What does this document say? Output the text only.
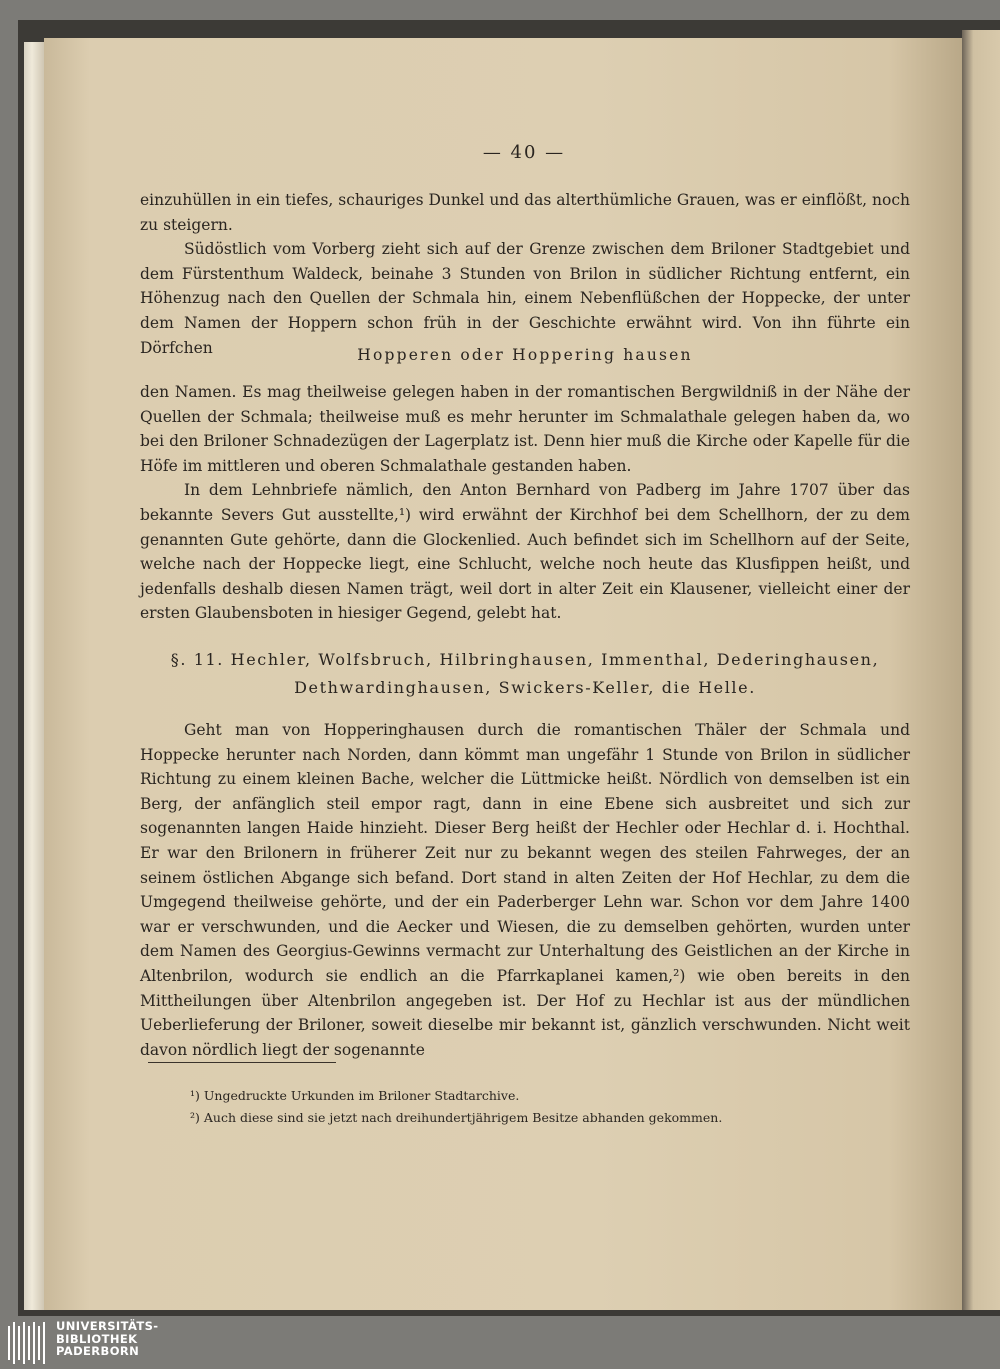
— 40 —

einzuhüllen in ein tiefes, schauriges Dunkel und das alterthümliche Grauen, was er einflößt, noch zu steigern.

Südöstlich vom Vorberg zieht sich auf der Grenze zwischen dem Briloner Stadtgebiet und dem Fürstenthum Waldeck, beinahe 3 Stunden von Brilon in südlicher Richtung entfernt, ein Höhenzug nach den Quellen der Schmala hin, einem Nebenflüßchen der Hoppecke, der unter dem Namen der Hoppern schon früh in der Geschichte erwähnt wird. Von ihn führte ein Dörfchen	Hopperen oder Hoppering hausen

den Namen. Es mag theilweise gelegen haben in der romantischen Bergwildniß in der Nähe der Quellen der Schmala; theilweise muß es mehr herunter im Schmalathale gelegen haben da, wo bei den Briloner Schnadezügen der Lagerplatz ist. Denn hier muß die Kirche oder Kapelle für die Höfe im mittleren und oberen Schmalathale gestanden haben.

In dem Lehnbriefe nämlich, den Anton Bernhard von Padberg im Jahre 1707 über das bekannte Severs Gut ausstellte,¹) wird erwähnt der Kirchhof bei dem Schellhorn, der zu dem genannten Gute gehörte, dann die Glockenlied. Auch befindet sich im Schellhorn auf der Seite, welche nach der Hoppecke liegt, eine Schlucht, welche noch heute das Klusfippen heißt, und jedenfalls deshalb diesen Namen trägt, weil dort in alter Zeit ein Klausener, vielleicht einer der ersten Glaubensboten in hiesiger Gegend, gelebt hat.

§. 11. Hechler, Wolfsbruch, Hilbringhausen, Immenthal, Dederinghausen,
Dethwardinghausen, Swickers-Keller, die Helle.

Geht man von Hopperinghausen durch die romantischen Thäler der Schmala und Hoppecke herunter nach Norden, dann kömmt man ungefähr 1 Stunde von Brilon in südlicher Richtung zu einem kleinen Bache, welcher die Lüttmicke heißt. Nördlich von demselben ist ein Berg, der anfänglich steil empor ragt, dann in eine Ebene sich ausbreitet und sich zur sogenannten langen Haide hinzieht. Dieser Berg heißt der Hechler oder Hechlar d. i. Hochthal. Er war den Brilonern in früherer Zeit nur zu bekannt wegen des steilen Fahrweges, der an seinem östlichen Abgange sich befand. Dort stand in alten Zeiten der Hof Hechlar, zu dem die Umgegend theilweise gehörte, und der ein Paderberger Lehn war. Schon vor dem Jahre 1400 war er verschwunden, und die Aecker und Wiesen, die zu demselben gehörten, wurden unter dem Namen des Georgius-Gewinns vermacht zur Unterhaltung des Geistlichen an der Kirche in Altenbrilon, wodurch sie endlich an die Pfarrkaplanei kamen,²) wie oben bereits in den Mittheilungen über Altenbrilon angegeben ist. Der Hof zu Hechlar ist aus der mündlichen Ueberlieferung der Briloner, soweit dieselbe mir bekannt ist, gänzlich verschwunden. Nicht weit davon nördlich liegt der sogenannte

¹) Ungedruckte Urkunden im Briloner Stadtarchive.
²) Auch diese sind sie jetzt nach dreihundertjährigem Besitze abhanden gekommen.
UNIVERSITÄTS-
BIBLIOTHEK
PADERBORN
